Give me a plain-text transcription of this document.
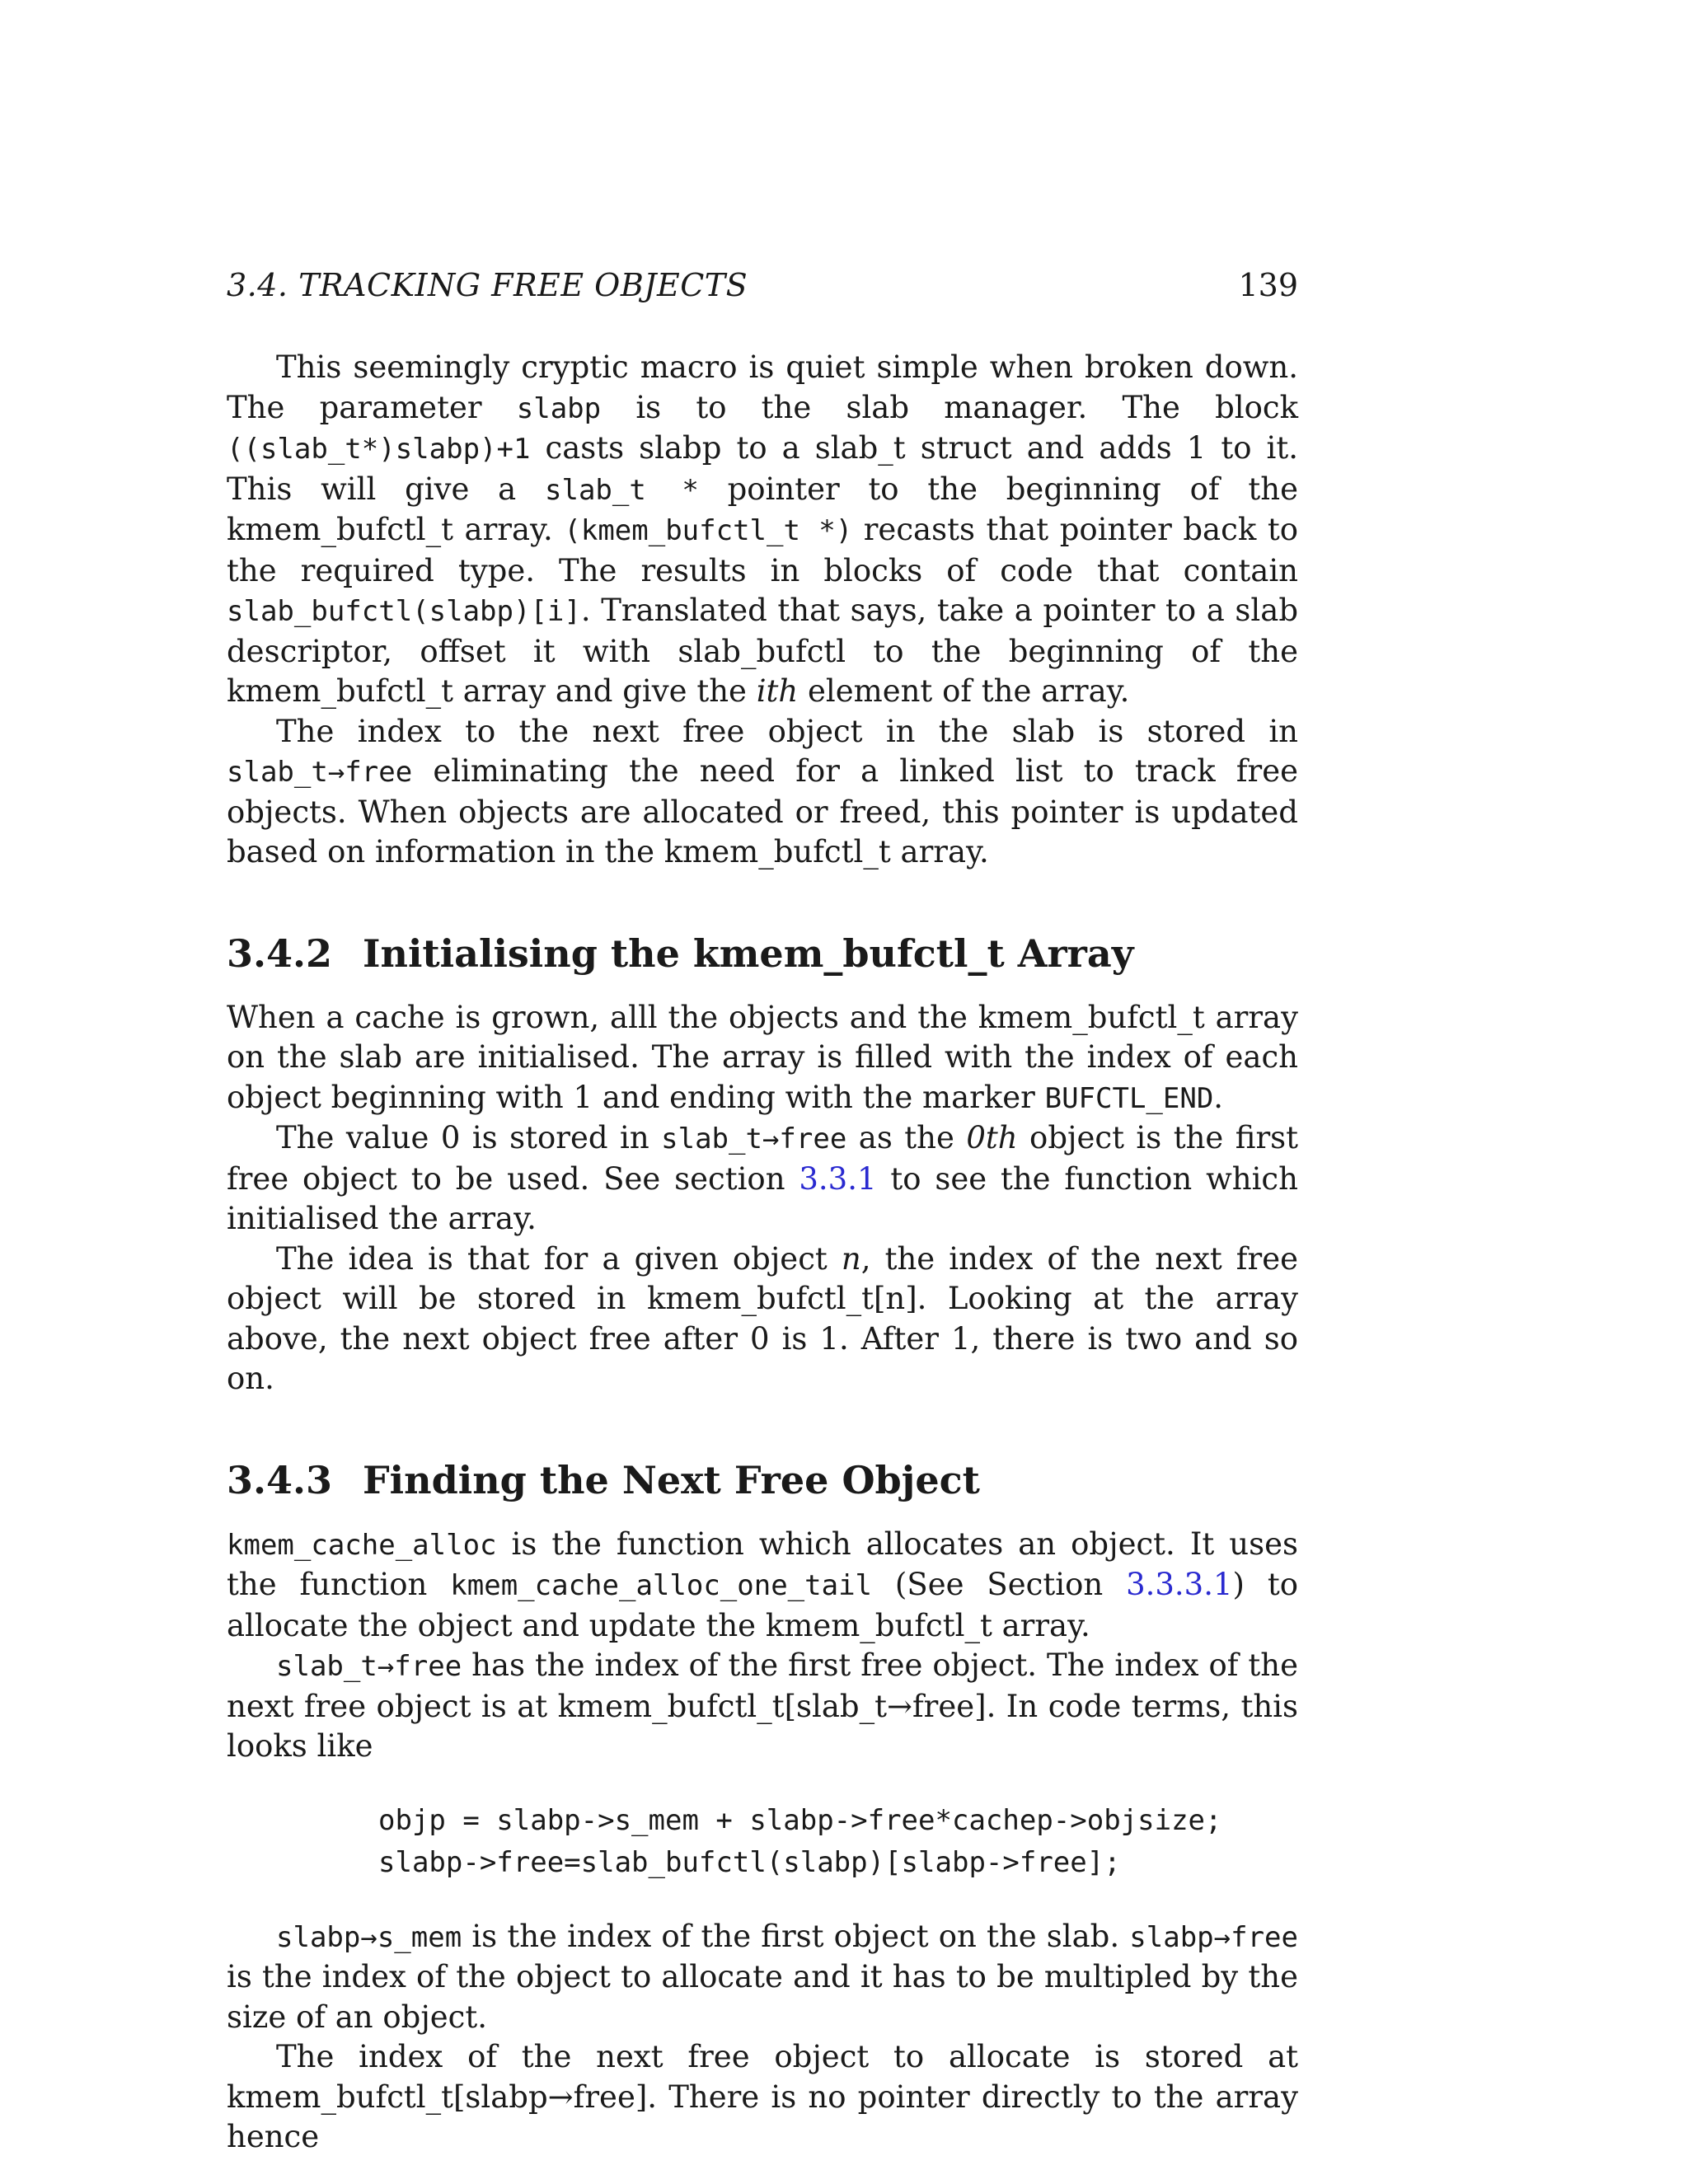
3.4. TRACKING FREE OBJECTS	139

This seemingly cryptic macro is quiet simple when broken down. The parameter slabp is to the slab manager. The block ((slab_t*)slabp)+1 casts slabp to a slab_t struct and adds 1 to it. This will give a slab_t * pointer to the beginning of the kmem_bufctl_t array. (kmem_bufctl_t *) recasts that pointer back to the required type. The results in blocks of code that contain slab_bufctl(slabp)[i]. Translated that says, take a pointer to a slab descriptor, offset it with slab_bufctl to the beginning of the kmem_bufctl_t array and give the ith element of the array.

The index to the next free object in the slab is stored in slab_t→free eliminating the need for a linked list to track free objects. When objects are allocated or freed, this pointer is updated based on information in the kmem_bufctl_t array.

3.4.2 Initialising the kmem_bufctl_t Array

When a cache is grown, alll the objects and the kmem_bufctl_t array on the slab are initialised. The array is filled with the index of each object beginning with 1 and ending with the marker BUFCTL_END.

The value 0 is stored in slab_t→free as the 0th object is the first free object to be used. See section 3.3.1 to see the function which initialised the array.

The idea is that for a given object n, the index of the next free object will be stored in kmem_bufctl_t[n]. Looking at the array above, the next object free after 0 is 1. After 1, there is two and so on.

3.4.3 Finding the Next Free Object

kmem_cache_alloc is the function which allocates an object. It uses the function kmem_cache_alloc_one_tail (See Section 3.3.3.1) to allocate the object and update the kmem_bufctl_t array.

slab_t→free has the index of the first free object. The index of the next free object is at kmem_bufctl_t[slab_t→free]. In code terms, this looks like

objp = slabp->s_mem + slabp->free*cachep->objsize;
slabp->free=slab_bufctl(slabp)[slabp->free];

slabp→s_mem is the index of the first object on the slab. slabp→free is the index of the object to allocate and it has to be multipled by the size of an object.

The index of the next free object to allocate is stored at kmem_bufctl_t[slabp→free]. There is no pointer directly to the array hence
